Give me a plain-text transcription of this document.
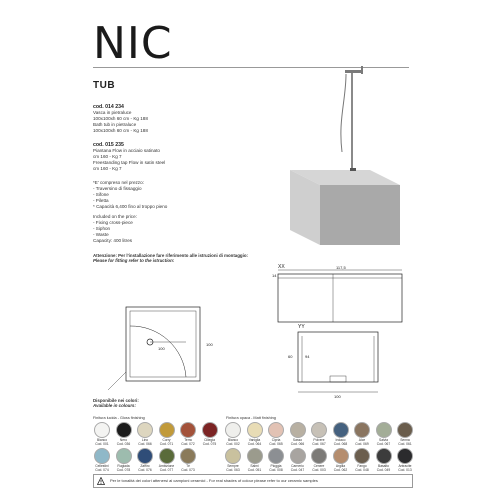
NIC
TUB
cod. 014 234
Vasca in pietraluce
100x100xh 60 cm - Kg 188
Bath tub in pietraluce
100x100xh 60 cm - Kg 188
cod. 015 235
Piantana Flow in acciaio satinato
cm 160 - Kg 7
Freestanding tap Flow in satin steel
cm 160 - Kg 7
*E' compreso nel prezzo:
- Traversino di fissaggio
- Sifone
- Piletta
* Capacità 6,400 fino al troppo pieno
Included on the price:
- Fixing cross-piece
- Siphon
- Waste
Capacity: 400 litres
Attenzione: Per l'installazione fare riferimento alle istruzioni di montaggio:
Please for fitting refer to the istruction:
XX	117,5
14
100
100
YY
100
60	94
Disponibile nei colori:
Available in colours:
Finitura lucida - Gloss finishing	Finitura opaca - Matt finishing
Bianco
Cod. 001
Nero
Cod. 036
Lino
Cod. 066
Curry
Cod. 071
Terra
Cod. 072
Ciliegia
Cod. 075
Cellestini
Cod. 074
Rugiada
Cod. 078
Zaffiro
Cod. 076
Ambizione
Cod. 077
Tè
Cod. 073
Bianco
Cod. 002
Vaniglia
Cod. 064
Cipria
Cod. 065
Sasso
Cod. 066
Polvere
Cod. 067
Indaco
Cod. 068
Alce
Cod. 069
Salvia
Cod. 067
Senna
Cod. 061
Sempre
Cod. 063
Salmi
Cod. 051
Pioggia
Cod. 008
Carnerio
Cod. 047
Cenere
Cod. 003
Argilla
Cod. 062
Fango
Cod. 048
Basalto
Cod. 049
Antracite
Cod. 013
Per le tonalità dei colori attenersi ai campioni ceramici - For real shades of colour please refer to our ceramic samples
